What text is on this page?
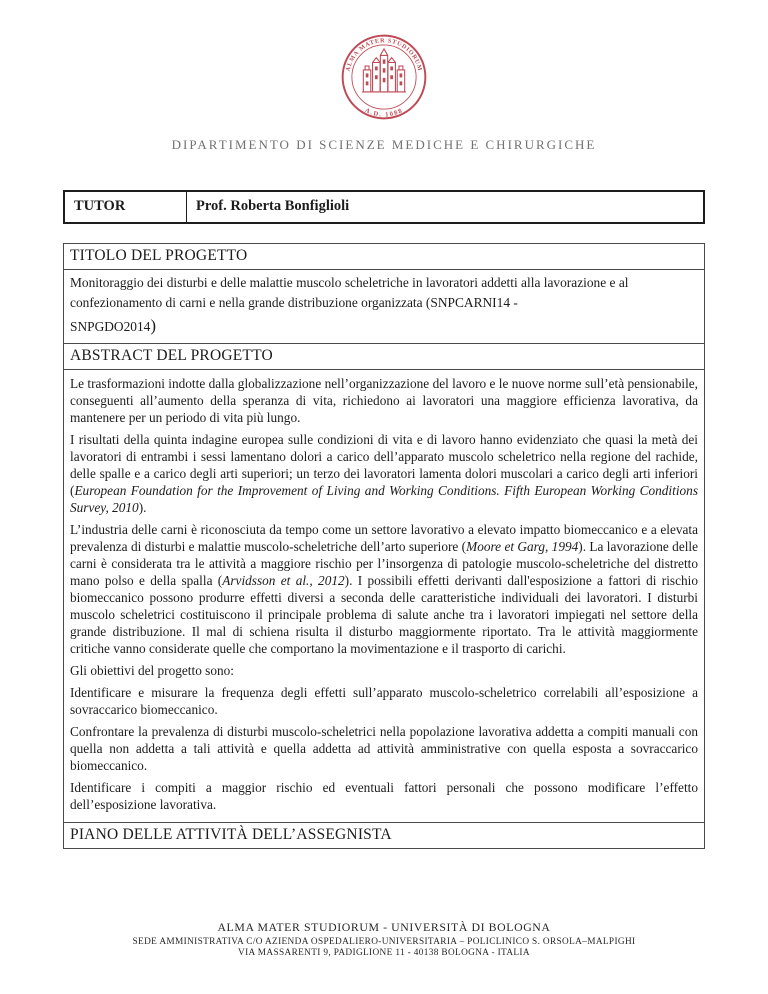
ALMA MATER STUDIORUM
A.D. 1088
DIPARTIMENTO DI SCIENZE MEDICHE E CHIRURGICHE
TUTOR	Prof. Roberta Bonfiglioli
TITOLO DEL PROGETTO
Monitoraggio dei disturbi e delle malattie muscolo scheletriche in lavoratori addetti alla lavorazione e al confezionamento di carni e nella grande distribuzione organizzata (SNPCARNI14 -
SNPGDO2014)
ABSTRACT DEL PROGETTO

Le trasformazioni indotte dalla globalizzazione nell’organizzazione del lavoro e le nuove norme sull’età pensionabile, conseguenti all’aumento della speranza di vita, richiedono ai lavoratori una maggiore efficienza lavorativa, da mantenere per un periodo di vita più lungo.
I risultati della quinta indagine europea sulle condizioni di vita e di lavoro hanno evidenziato che quasi la metà dei lavoratori di entrambi i sessi lamentano dolori a carico dell’apparato muscolo scheletrico nella regione del rachide, delle spalle e a carico degli arti superiori; un terzo dei lavoratori lamenta dolori muscolari a carico degli arti inferiori (European Foundation for the Improvement of Living and Working Conditions. Fifth European Working Conditions Survey, 2010).
L’industria delle carni è riconosciuta da tempo come un settore lavorativo a elevato impatto biomeccanico e a elevata prevalenza di disturbi e malattie muscolo-scheletriche dell’arto superiore (Moore et Garg, 1994). La lavorazione delle carni è considerata tra le attività a maggiore rischio per l’insorgenza di patologie muscolo-scheletriche del distretto mano polso e della spalla (Arvidsson et al., 2012). I possibili effetti derivanti dall'esposizione a fattori di rischio biomeccanico possono produrre effetti diversi a seconda delle caratteristiche individuali dei lavoratori. I disturbi muscolo scheletrici costituiscono il principale problema di salute anche tra i lavoratori impiegati nel settore della grande distribuzione. Il mal di schiena risulta il disturbo maggiormente riportato. Tra le attività maggiormente critiche vanno considerate quelle che comportano la movimentazione e il trasporto di carichi.
Gli obiettivi del progetto sono:
Identificare e misurare la frequenza degli effetti sull’apparato muscolo-scheletrico correlabili all’esposizione a sovraccarico biomeccanico.
Confrontare la prevalenza di disturbi muscolo-scheletrici nella popolazione lavorativa addetta a compiti manuali con quella non addetta a tali attività e quella addetta ad attività amministrative con quella esposta a sovraccarico biomeccanico.
Identificare i compiti a maggior rischio ed eventuali fattori personali che possono modificare l’effetto dell’esposizione lavorativa.

PIANO DELLE ATTIVITÀ DELL’ASSEGNISTA
ALMA MATER STUDIORUM - UNIVERSITÀ DI BOLOGNA
SEDE AMMINISTRATIVA C/O AZIENDA OSPEDALIERO-UNIVERSITARIA – POLICLINICO S. ORSOLA–MALPIGHI
VIA MASSARENTI 9, PADIGLIONE 11 - 40138 BOLOGNA - ITALIA
